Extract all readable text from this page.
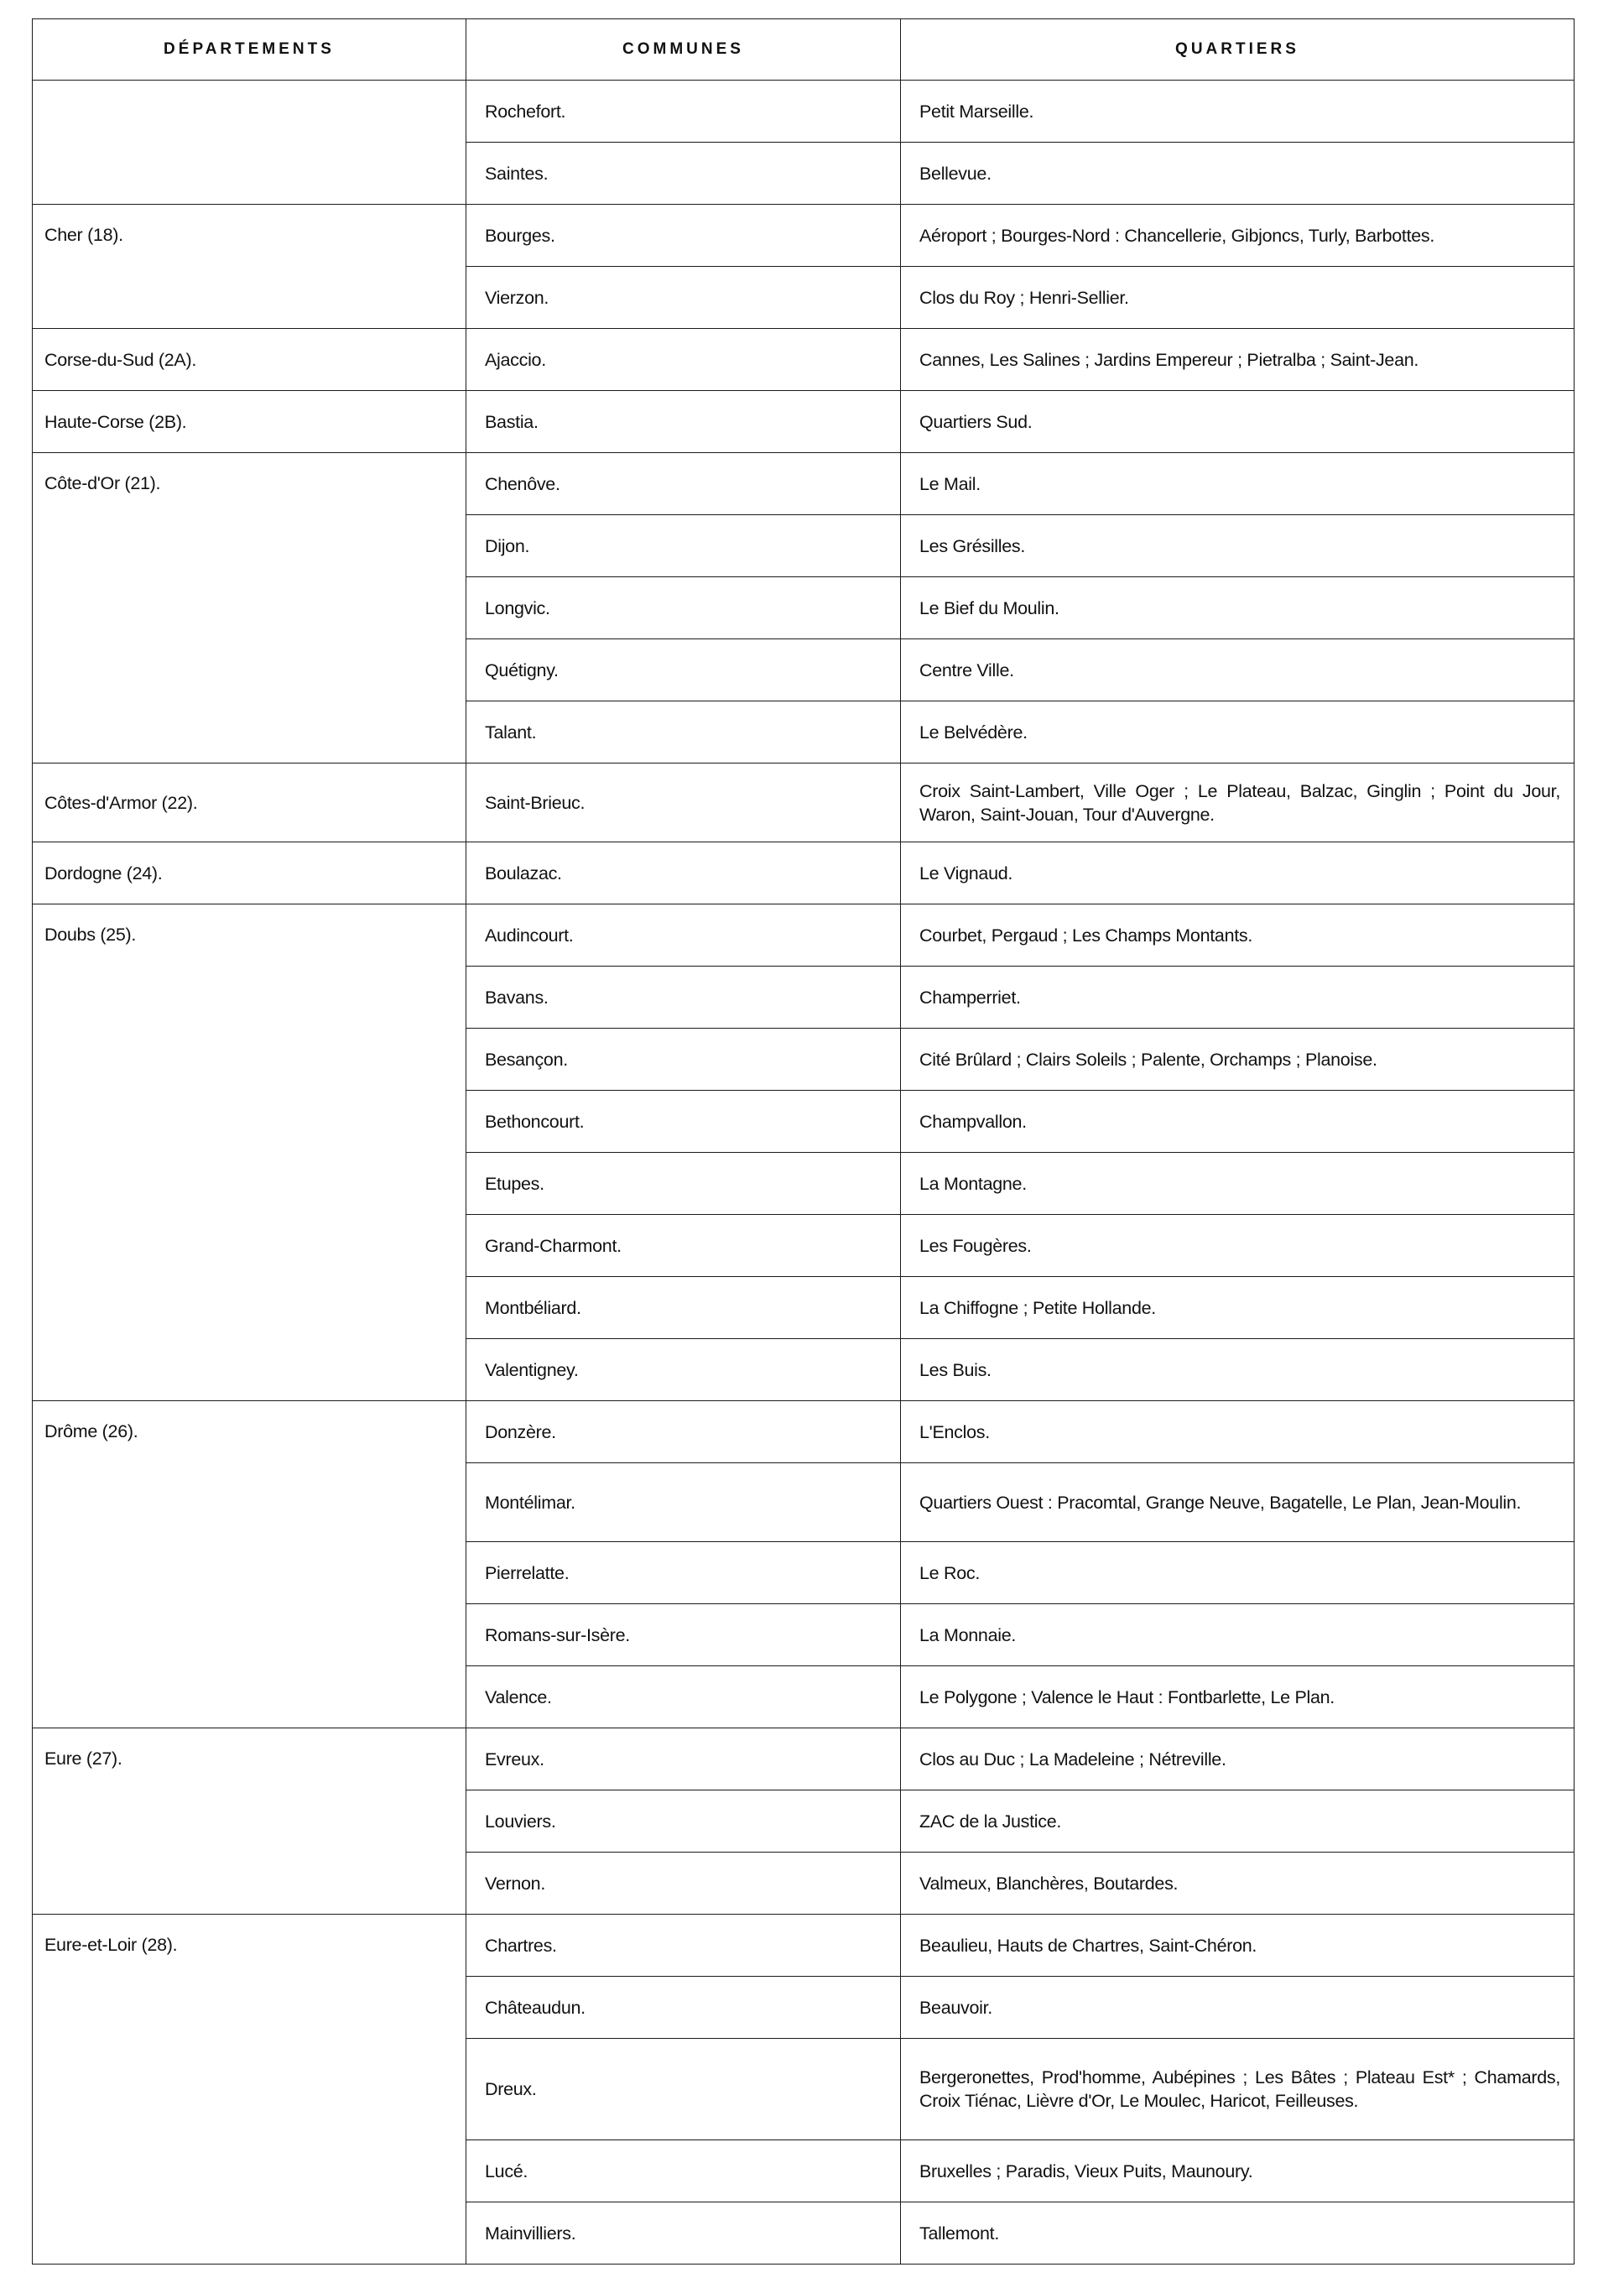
DÉPARTEMENTS	COMMUNES	QUARTIERS
	Rochefort.	Petit Marseille.
	Saintes.	Bellevue.
Cher (18).	Bourges.	Aéroport ; Bourges-Nord : Chancellerie, Gibjoncs, Turly, Barbottes.
	Vierzon.	Clos du Roy ; Henri-Sellier.
Corse-du-Sud (2A).	Ajaccio.	Cannes, Les Salines ; Jardins Empereur ; Pietralba ; Saint-Jean.
Haute-Corse (2B).	Bastia.	Quartiers Sud.
Côte-d'Or (21).	Chenôve.	Le Mail.
	Dijon.	Les Grésilles.
	Longvic.	Le Bief du Moulin.
	Quétigny.	Centre Ville.
	Talant.	Le Belvédère.
Côtes-d'Armor (22).	Saint-Brieuc.	Croix Saint-Lambert, Ville Oger ; Le Plateau, Balzac, Ginglin ; Point du Jour, Waron, Saint-Jouan, Tour d'Auvergne.
Dordogne (24).	Boulazac.	Le Vignaud.
Doubs (25).	Audincourt.	Courbet, Pergaud ; Les Champs Montants.
	Bavans.	Champerriet.
	Besançon.	Cité Brûlard ; Clairs Soleils ; Palente, Orchamps ; Planoise.
	Bethoncourt.	Champvallon.
	Etupes.	La Montagne.
	Grand-Charmont.	Les Fougères.
	Montbéliard.	La Chiffogne ; Petite Hollande.
	Valentigney.	Les Buis.
Drôme (26).	Donzère.	L'Enclos.
	Montélimar.	Quartiers Ouest : Pracomtal, Grange Neuve, Bagatelle, Le Plan, Jean-Moulin.
	Pierrelatte.	Le Roc.
	Romans-sur-Isère.	La Monnaie.
	Valence.	Le Polygone ; Valence le Haut : Fontbarlette, Le Plan.
Eure (27).	Evreux.	Clos au Duc ; La Madeleine ; Nétreville.
	Louviers.	ZAC de la Justice.
	Vernon.	Valmeux, Blanchères, Boutardes.
Eure-et-Loir (28).	Chartres.	Beaulieu, Hauts de Chartres, Saint-Chéron.
	Châteaudun.	Beauvoir.
	Dreux.	Bergeronettes, Prod'homme, Aubépines ; Les Bâtes ; Plateau Est* ; Chamards, Croix Tiénac, Lièvre d'Or, Le Moulec, Haricot, Feilleuses.
	Lucé.	Bruxelles ; Paradis, Vieux Puits, Maunoury.
	Mainvilliers.	Tallemont.
